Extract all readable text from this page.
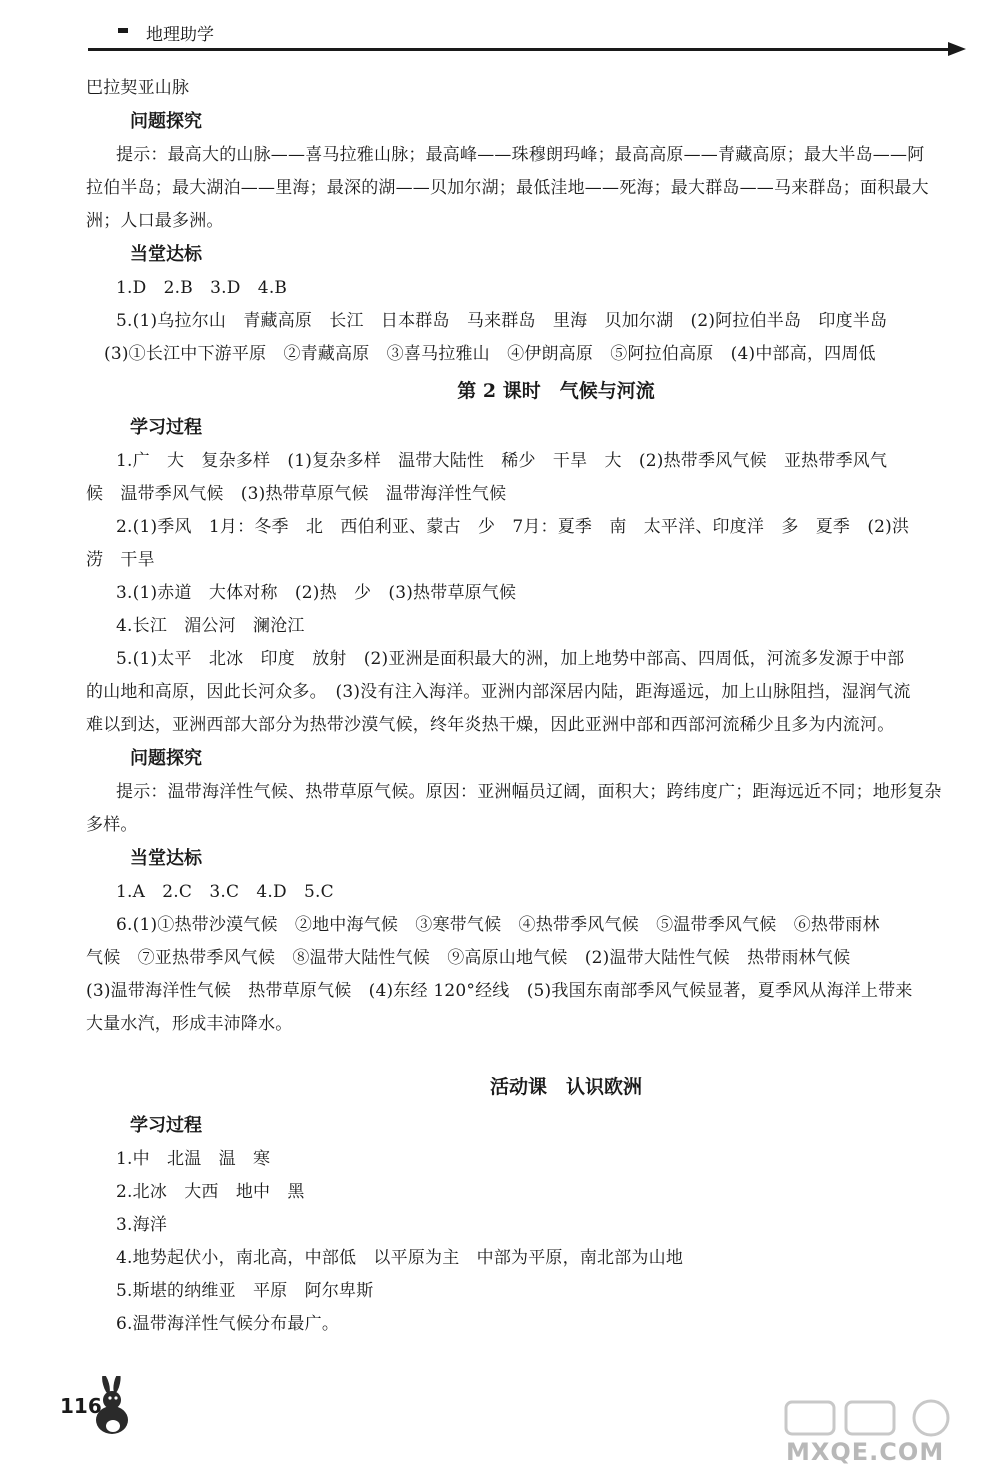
地理助学
巴拉契亚山脉
问题探究
提示：最高大的山脉——喜马拉雅山脉；最高峰——珠穆朗玛峰；最高高原——青藏高原；最大半岛——阿
拉伯半岛；最大湖泊——里海；最深的湖——贝加尔湖；最低洼地——死海；最大群岛——马来群岛；面积最大
洲；人口最多洲。
当堂达标
1.D　2.B　3.D　4.B
5.(1)乌拉尔山　青藏高原　长江　日本群岛　马来群岛　里海　贝加尔湖　(2)阿拉伯半岛　印度半岛
(3)①长江中下游平原　②青藏高原　③喜马拉雅山　④伊朗高原　⑤阿拉伯高原　(4)中部高，四周低
第 2 课时　气候与河流
学习过程
1.广　大　复杂多样　(1)复杂多样　温带大陆性　稀少　干旱　大　(2)热带季风气候　亚热带季风气
候　温带季风气候　(3)热带草原气候　温带海洋性气候
2.(1)季风　1月：冬季　北　西伯利亚、蒙古　少　7月：夏季　南　太平洋、印度洋　多　夏季　(2)洪
涝　干旱
3.(1)赤道　大体对称　(2)热　少　(3)热带草原气候
4.长江　湄公河　澜沧江
5.(1)太平　北冰　印度　放射　(2)亚洲是面积最大的洲，加上地势中部高、四周低，河流多发源于中部
的山地和高原，因此长河众多。　(3)没有注入海洋。亚洲内部深居内陆，距海遥远，加上山脉阻挡，湿润气流
难以到达，亚洲西部大部分为热带沙漠气候，终年炎热干燥，因此亚洲中部和西部河流稀少且多为内流河。
问题探究
提示：温带海洋性气候、热带草原气候。原因：亚洲幅员辽阔，面积大；跨纬度广；距海远近不同；地形复杂
多样。
当堂达标
1.A　2.C　3.C　4.D　5.C
6.(1)①热带沙漠气候　②地中海气候　③寒带气候　④热带季风气候　⑤温带季风气候　⑥热带雨林
气候　⑦亚热带季风气候　⑧温带大陆性气候　⑨高原山地气候　(2)温带大陆性气候　热带雨林气候
(3)温带海洋性气候　热带草原气候　(4)东经 120°经线　(5)我国东南部季风气候显著，夏季风从海洋上带来
大量水汽，形成丰沛降水。
活动课　认识欧洲
学习过程
1.中　北温　温　寒
2.北冰　大西　地中　黑
3.海洋
4.地势起伏小，南北高，中部低　以平原为主　中部为平原，南北部为山地
5.斯堪的纳维亚　平原　阿尔卑斯
6.温带海洋性气候分布最广。
116
MXQE.COM
